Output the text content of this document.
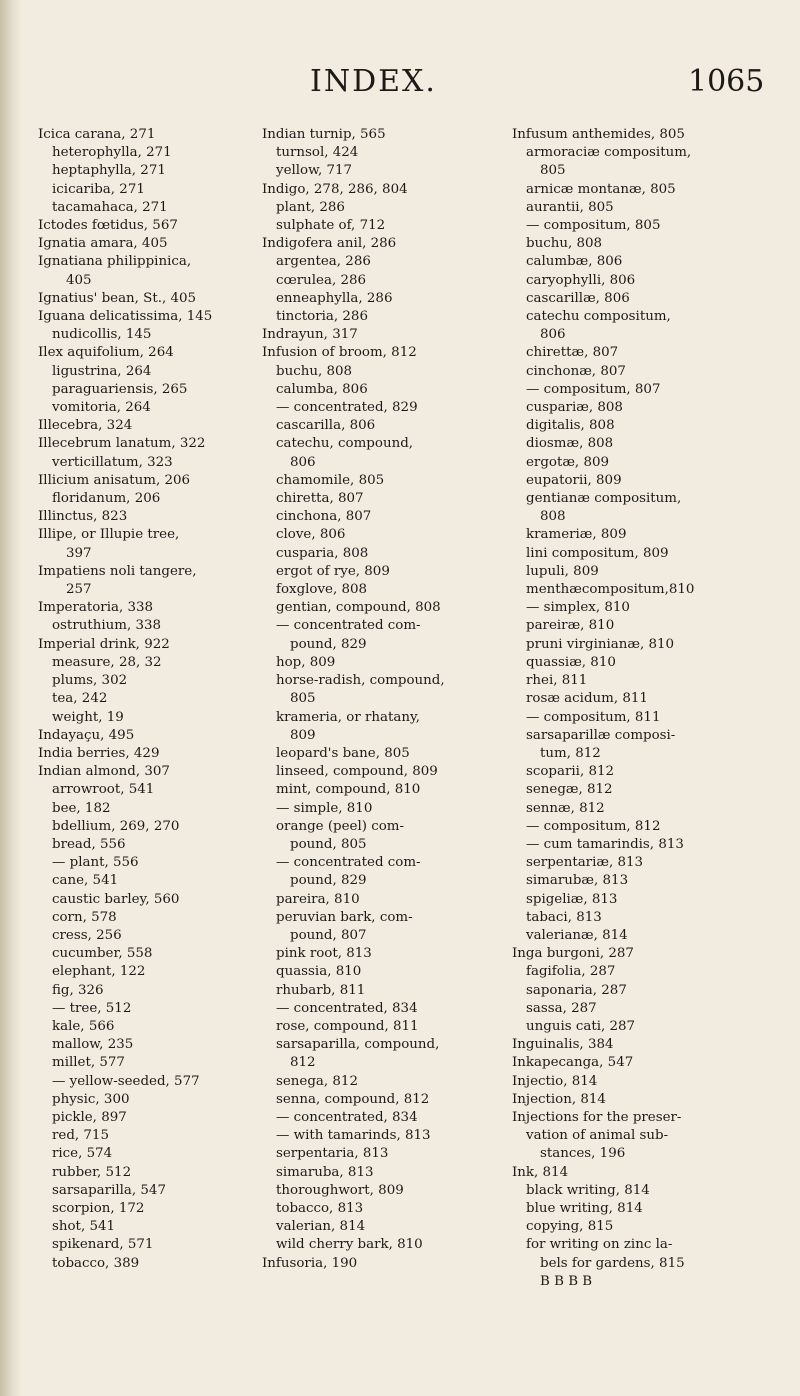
INDEX.	1065
Icica carana, 271
heterophylla, 271
heptaphylla, 271
icicariba, 271
tacamahaca, 271
Ictodes fœtidus, 567
Ignatia amara, 405
Ignatiana philippinica,
405
Ignatius' bean, St., 405
Iguana delicatissima, 145
nudicollis, 145
Ilex aquifolium, 264
ligustrina, 264
paraguariensis, 265
vomitoria, 264
Illecebra, 324
Illecebrum lanatum, 322
verticillatum, 323
Illicium anisatum, 206
floridanum, 206
Illinctus, 823
Illipe, or Illupie tree,
397
Impatiens noli tangere,
257
Imperatoria, 338
ostruthium, 338
Imperial drink, 922
measure, 28, 32
plums, 302
tea, 242
weight, 19
Indayaçu, 495
India berries, 429
Indian almond, 307
arrowroot, 541
bee, 182
bdellium, 269, 270
bread, 556
— plant, 556
cane, 541
caustic barley, 560
corn, 578
cress, 256
cucumber, 558
elephant, 122
fig, 326
— tree, 512
kale, 566
mallow, 235
millet, 577
— yellow-seeded, 577
physic, 300
pickle, 897
red, 715
rice, 574
rubber, 512
sarsaparilla, 547
scorpion, 172
shot, 541
spikenard, 571
tobacco, 389
Indian turnip, 565
turnsol, 424
yellow, 717
Indigo, 278, 286, 804
plant, 286
sulphate of, 712
Indigofera anil, 286
argentea, 286
cœrulea, 286
enneaphylla, 286
tinctoria, 286
Indrayun, 317
Infusion of broom, 812
buchu, 808
calumba, 806
— concentrated, 829
cascarilla, 806
catechu, compound,
806
chamomile, 805
chiretta, 807
cinchona, 807
clove, 806
cusparia, 808
ergot of rye, 809
foxglove, 808
gentian, compound, 808
— concentrated com-
pound, 829
hop, 809
horse-radish, compound,
805
krameria, or rhatany,
809
leopard's bane, 805
linseed, compound, 809
mint, compound, 810
— simple, 810
orange (peel) com-
pound, 805
— concentrated com-
pound, 829
pareira, 810
peruvian bark, com-
pound, 807
pink root, 813
quassia, 810
rhubarb, 811
— concentrated, 834
rose, compound, 811
sarsaparilla, compound,
812
senega, 812
senna, compound, 812
— concentrated, 834
— with tamarinds, 813
serpentaria, 813
simaruba, 813
thoroughwort, 809
tobacco, 813
valerian, 814
wild cherry bark, 810
Infusoria, 190
Infusum anthemides, 805
armoraciæ compositum,
805
arnicæ montanæ, 805
aurantii, 805
— compositum, 805
buchu, 808
calumbæ, 806
caryophylli, 806
cascarillæ, 806
catechu compositum,
806
chirettæ, 807
cinchonæ, 807
— compositum, 807
cuspariæ, 808
digitalis, 808
diosmæ, 808
ergotæ, 809
eupatorii, 809
gentianæ compositum,
808
krameriæ, 809
lini compositum, 809
lupuli, 809
menthæcompositum,810
— simplex, 810
pareiræ, 810
pruni virginianæ, 810
quassiæ, 810
rhei, 811
rosæ acidum, 811
— compositum, 811
sarsaparillæ composi-
tum, 812
scoparii, 812
senegæ, 812
sennæ, 812
— compositum, 812
— cum tamarindis, 813
serpentariæ, 813
simarubæ, 813
spigeliæ, 813
tabaci, 813
valerianæ, 814
Inga burgoni, 287
fagifolia, 287
saponaria, 287
sassa, 287
unguis cati, 287
Inguinalis, 384
Inkapecanga, 547
Injectio, 814
Injection, 814
Injections for the preser-
vation of animal sub-
stances, 196
Ink, 814
black writing, 814
blue writing, 814
copying, 815
for writing on zinc la-
bels for gardens, 815
B B B B
